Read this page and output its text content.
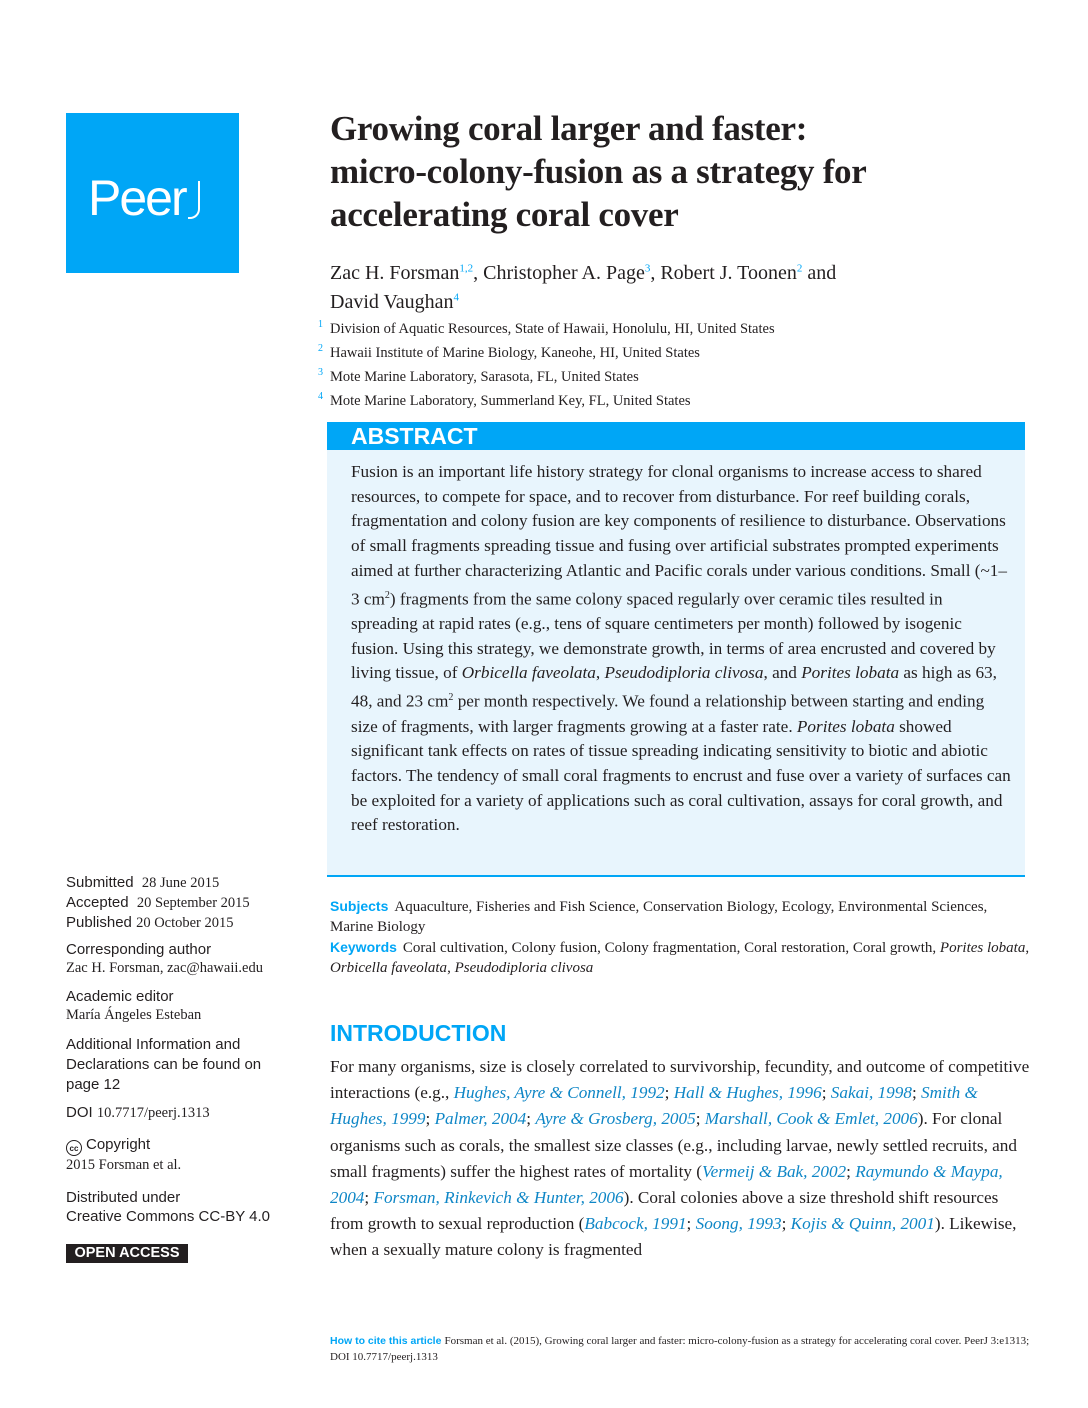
Peer
Growing coral larger and faster:
micro-colony-fusion as a strategy for
accelerating coral cover
Zac H. Forsman$^{1,2}$, Christopher A. Page$^3$, Robert J. Toonen$^2$ and
David Vaughan$^4$
$^1$ Division of Aquatic Resources, State of Hawaii, Honolulu, HI, United States
$^2$ Hawaii Institute of Marine Biology, Kaneohe, HI, United States
$^3$ Mote Marine Laboratory, Sarasota, FL, United States
$^4$ Mote Marine Laboratory, Summerland Key, FL, United States
ABSTRACT
Fusion is an important life history strategy for clonal organisms to increase access to shared resources, to compete for space, and to recover from disturbance. For reef building corals, fragmentation and colony fusion are key components of resilience to disturbance. Observations of small fragments spreading tissue and fusing over artificial substrates prompted experiments aimed at further characterizing Atlantic and Pacific corals under various conditions. Small (~1–3 $cm^2$) fragments from the same colony spaced regularly over ceramic tiles resulted in spreading at rapid rates (e.g., tens of square centimeters per month) followed by isogenic fusion. Using this strategy, we demonstrate growth, in terms of area encrusted and covered by living tissue, of Orbicella faveolata, Pseudodiploria clivosa, and Porites lobata as high as 63, 48, and 23 $cm^2$ per month respectively. We found a relationship between starting and ending size of fragments, with larger fragments growing at a faster rate. Porites lobata showed significant tank effects on rates of tissue spreading indicating sensitivity to biotic and abiotic factors. The tendency of small coral fragments to encrust and fuse over a variety of surfaces can be exploited for a variety of applications such as coral cultivation, assays for coral growth, and reef restoration.
Subjects Aquaculture, Fisheries and Fish Science, Conservation Biology, Ecology, Environmental Sciences, Marine Biology
Keywords Coral cultivation, Colony fusion, Colony fragmentation, Coral restoration, Coral growth, Porites lobata, Orbicella faveolata, Pseudodiploria clivosa
INTRODUCTION
For many organisms, size is closely correlated to survivorship, fecundity, and outcome of competitive interactions (e.g., Hughes, Ayre & Connell, 1992; Hall & Hughes, 1996; Sakai, 1998; Smith & Hughes, 1999; Palmer, 2004; Ayre & Grosberg, 2005; Marshall, Cook & Emlet, 2006). For clonal organisms such as corals, the smallest size classes (e.g., including larvae, newly settled recruits, and small fragments) suffer the highest rates of mortality (Vermeij & Bak, 2002; Raymundo & Maypa, 2004; Forsman, Rinkevich & Hunter, 2006). Coral colonies above a size threshold shift resources from growth to sexual reproduction (Babcock, 1991; Soong, 1993; Kojis & Quinn, 2001). Likewise, when a sexually mature colony is fragmented
Submitted 28 June 2015
Accepted 20 September 2015
Published 20 October 2015
Corresponding author
Zac H. Forsman, zac@hawaii.edu
Academic editor
María Ángeles Esteban
Additional Information and Declarations can be found on page 12
DOI 10.7717/peerj.1313
cc Copyright
2015 Forsman et al.
Distributed under
Creative Commons CC-BY 4.0
OPEN ACCESS
How to cite this article Forsman et al. (2015), Growing coral larger and faster: micro-colony-fusion as a strategy for accelerating coral cover. PeerJ 3:e1313; DOI 10.7717/peerj.1313
